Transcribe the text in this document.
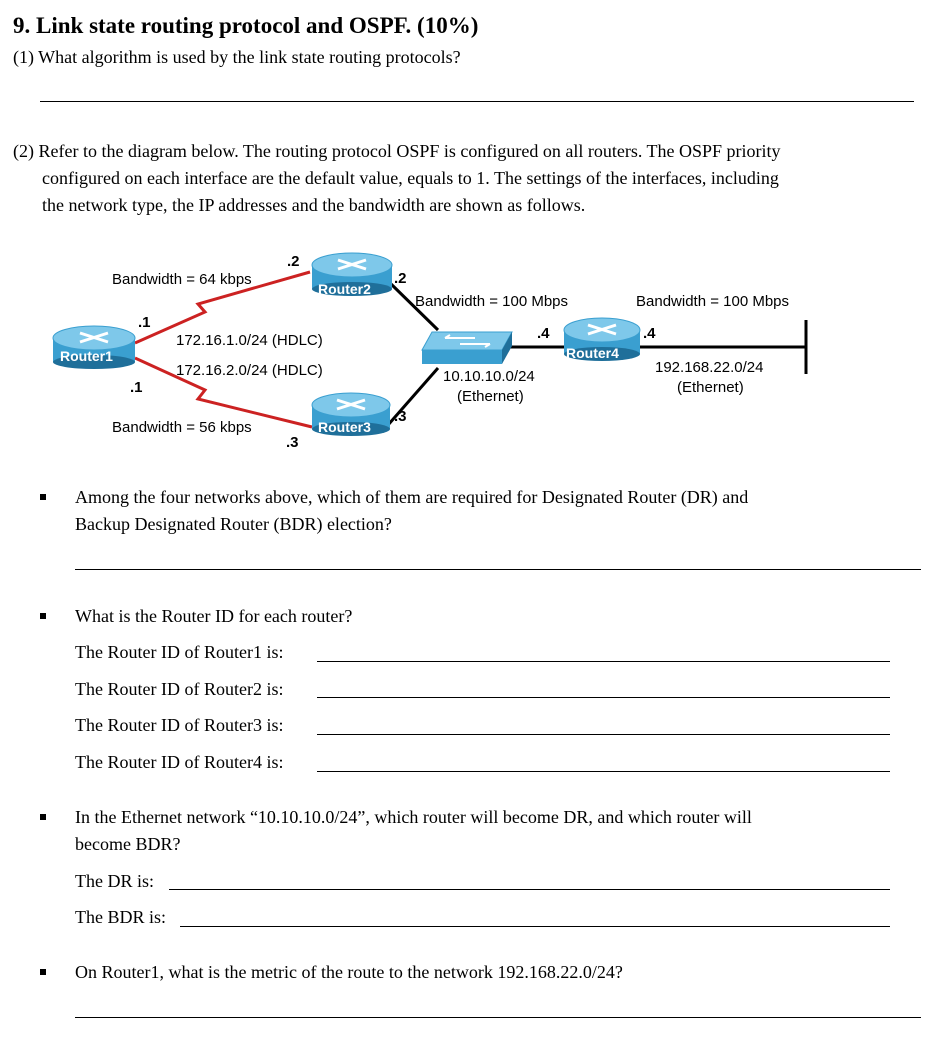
9. Link state routing protocol and OSPF. (10%)
(1) What algorithm is used by the link state routing protocols?
(2) Refer to the diagram below. The routing protocol OSPF is configured on all routers. The OSPF priority
configured on each interface are the default value, equals to 1. The settings of the interfaces, including
the network type, the IP addresses and the bandwidth are shown as follows.
Router1
Router2
Router3
Router4
Bandwidth = 64 kbps
Bandwidth = 56 kbps
Bandwidth = 100 Mbps	Bandwidth = 100 Mbps
172.16.1.0/24 (HDLC)
172.16.2.0/24 (HDLC)	10.10.10.0/24
(Ethernet)
192.168.22.0/24
(Ethernet)
.1
.1
.2
.2
.3
.3
.4	.4
Among the four networks above, which of them are required for Designated Router (DR) and
Backup Designated Router (BDR) election?
What is the Router ID for each router?
The Router ID of Router1 is:
The Router ID of Router2 is:
The Router ID of Router3 is:
The Router ID of Router4 is:
In the Ethernet network “10.10.10.0/24”, which router will become DR, and which router will
become BDR?
The DR is:
The BDR is:
On Router1, what is the metric of the route to the network 192.168.22.0/24?
